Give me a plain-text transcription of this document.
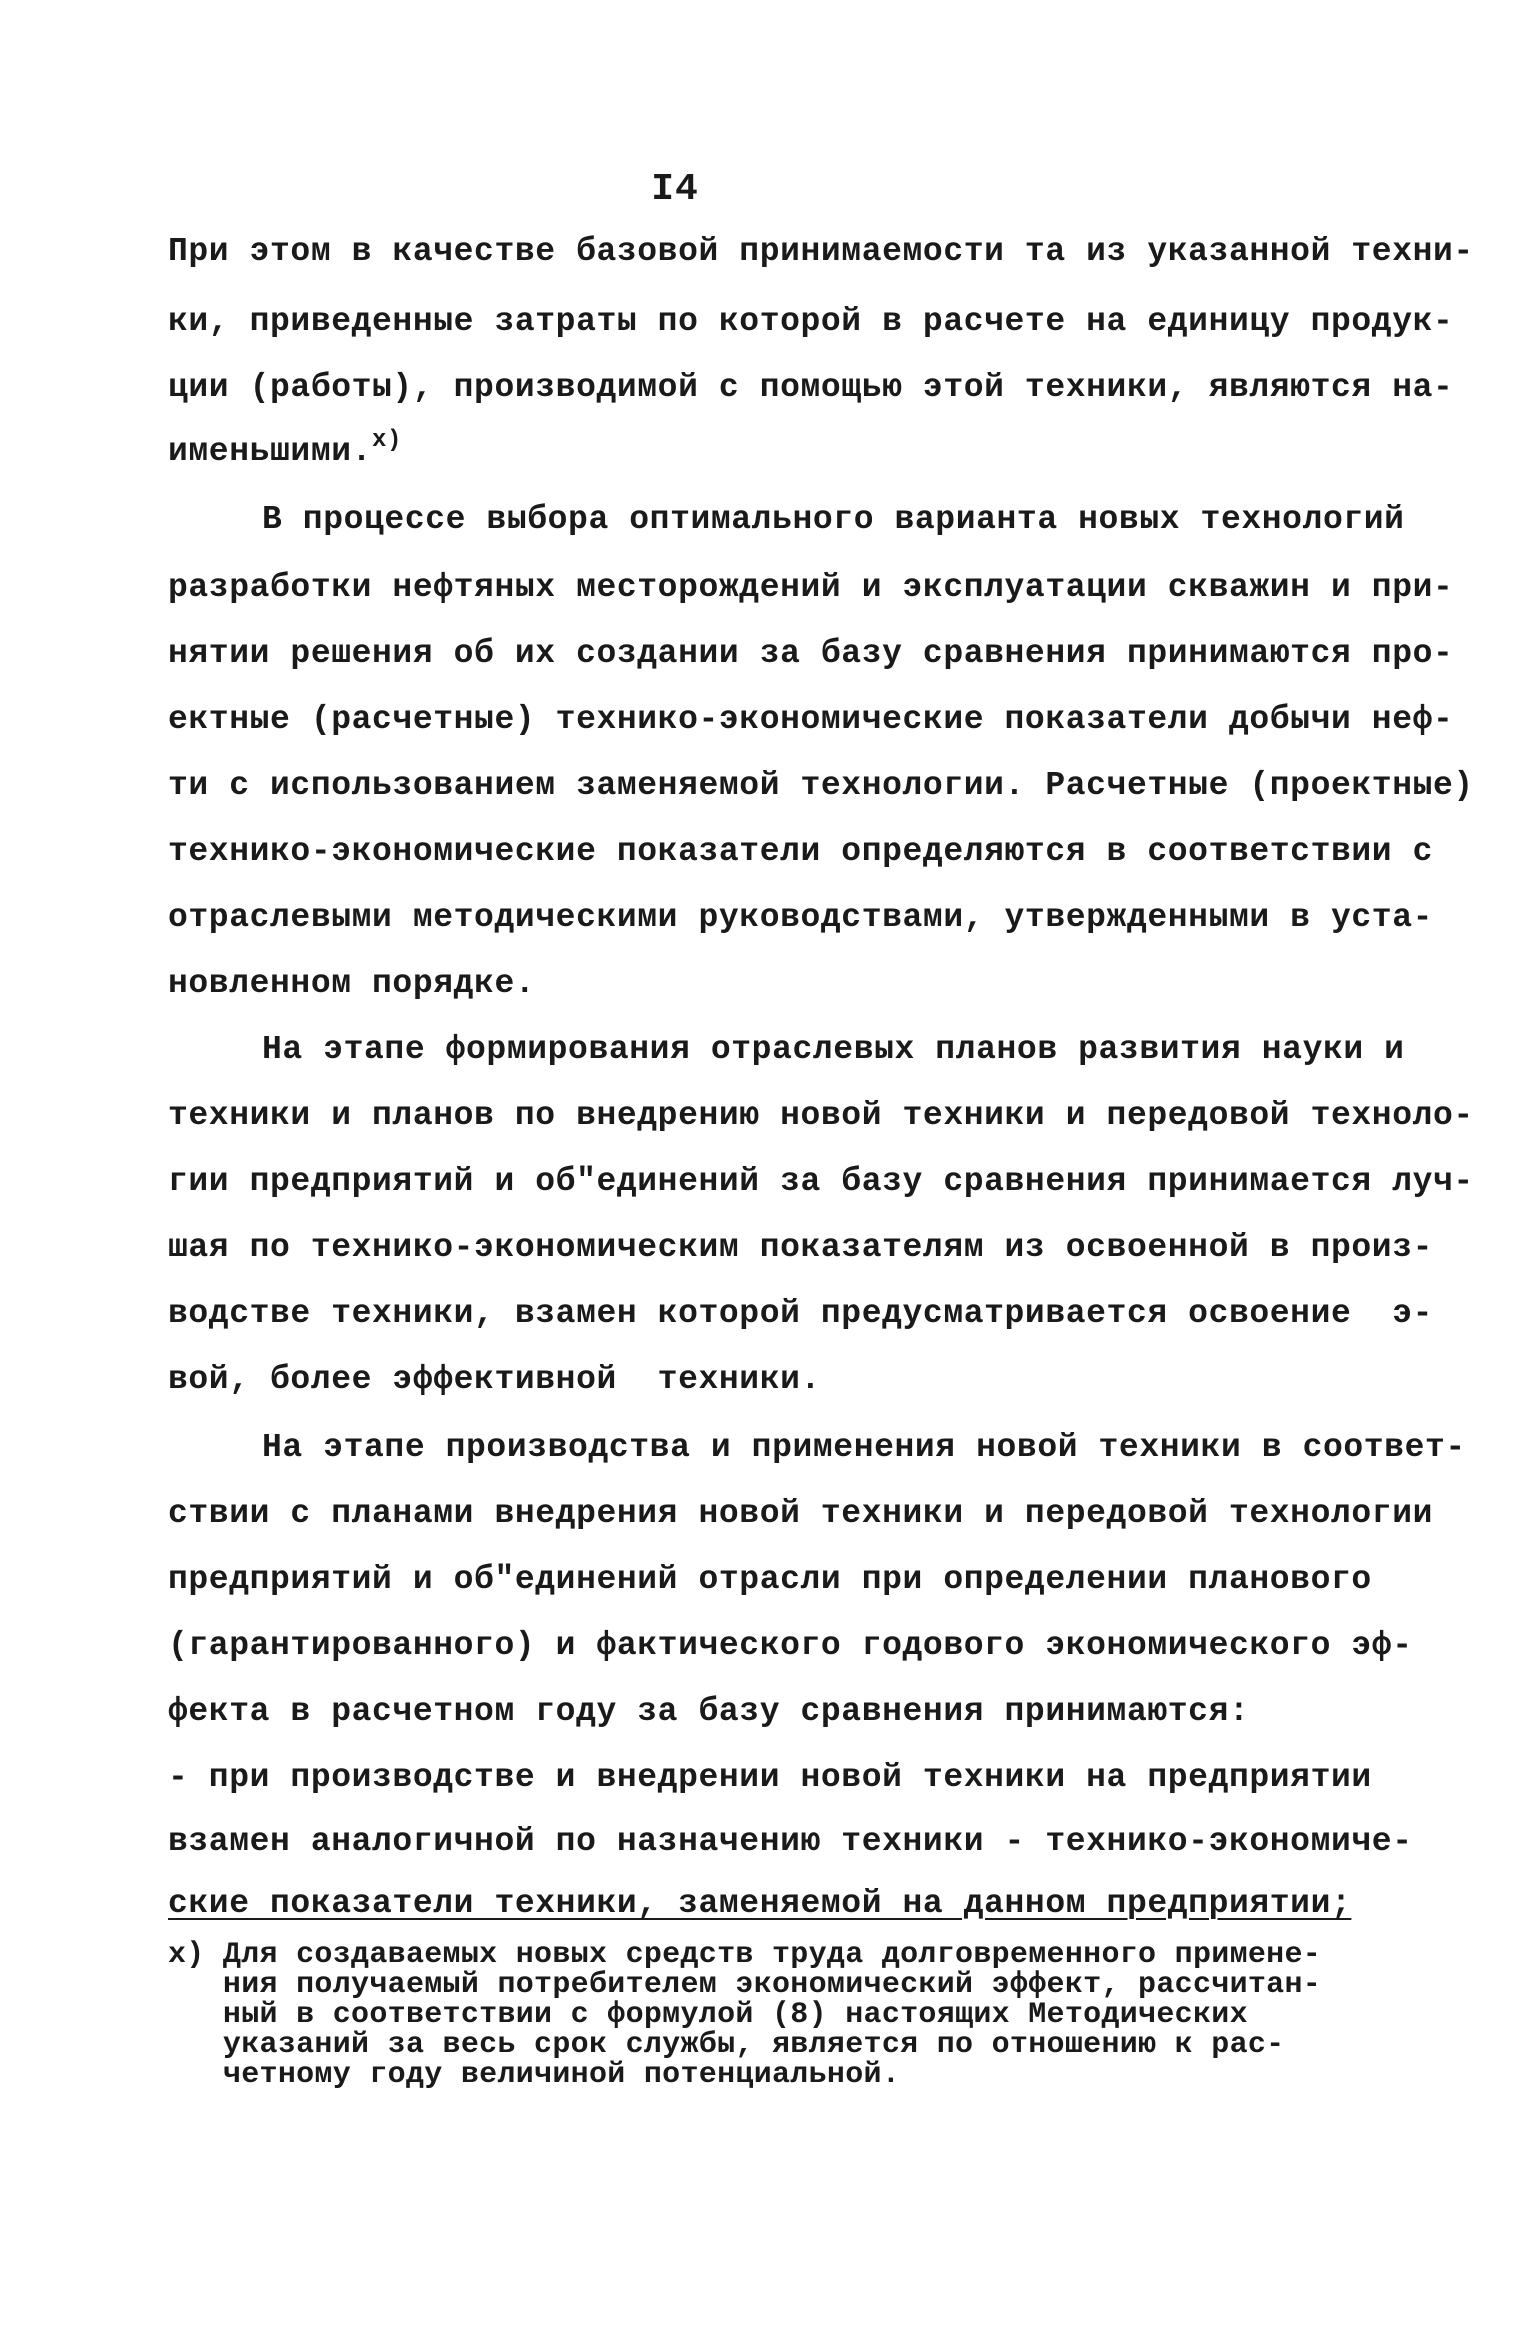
I4
При этом в качестве базовой принимаемости та из указанной техни-
ки, приведенные затраты по которой в расчете на единицу продук-
ции (работы), производимой с помощью этой техники, являются на-
именьшими.$^{x)}$
В процессе выбора оптимального варианта новых технологий
разработки нефтяных месторождений и эксплуатации скважин и при-
нятии решения об их создании за базу сравнения принимаются про-
ектные (расчетные) технико-экономические показатели добычи неф-
ти с использованием заменяемой технологии. Расчетные (проектные)
технико-экономические показатели определяются в соответствии с
отраслевыми методическими руководствами, утвержденными в уста-
новленном порядке.
На этапе формирования отраслевых планов развития науки и
техники и планов по внедрению новой техники и передовой техноло-
гии предприятий и об"единений за базу сравнения принимается луч-
шая по технико-экономическим показателям из освоенной в произ-
водстве техники, взамен которой предусматривается освоение  э-
вой, более эффективной  техники.
На этапе производства и применения новой техники в соответ-
ствии с планами внедрения новой техники и передовой технологии
предприятий и об"единений отрасли при определении планового
(гарантированного) и фактического годового экономического эф-
фекта в расчетном году за базу сравнения принимаются:
- при производстве и внедрении новой техники на предприятии
взамен аналогичной по назначению техники - технико-экономиче-
ские показатели техники, заменяемой на данном предприятии;
x) Для создаваемых новых средств труда долговременного примене-
ния получаемый потребителем экономический эффект, рассчитан-
ный в соответствии с формулой (8) настоящих Методических
указаний за весь срок службы, является по отношению к рас-
четному году величиной потенциальной.
